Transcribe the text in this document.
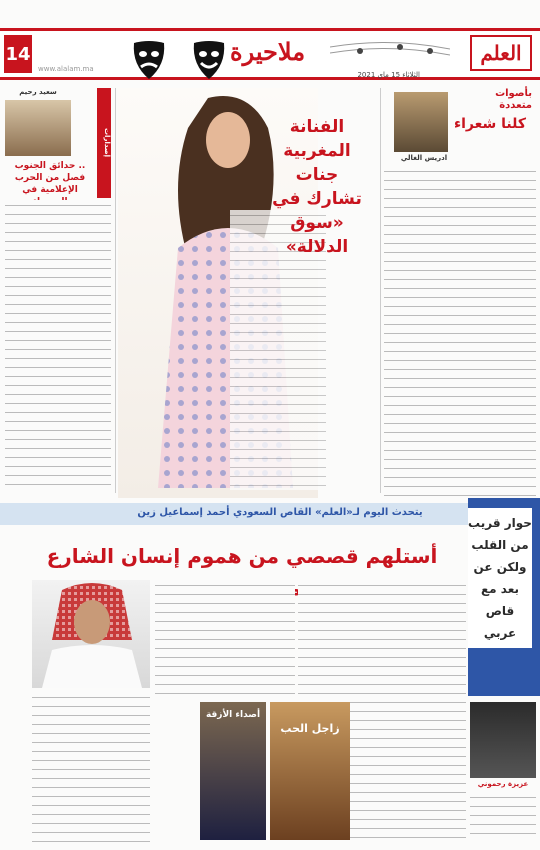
14
www.alalam.ma
ملاحيرة
الثلاثاء 15 ماي 2021
العلم
سعيد رحيم
إصدارات
حدائق الجنوب ..
فصل من الحرب
الإعلامية في
الفنانة
المغربية جنات
تشارك في «سوق
الدلالة»
بأصوات متعددة
كلنا شعراء
ادريس الغالي
يتحدث اليوم لـ«العلم» القاص السعودي أحمد إسماعيل زين
أستلهم قصصي من هموم إنسان الشارع
حوار قريب من القلب ولكن عن بعد مع قاص عربي
أصداء الأزقة
زاجل الحب
عزيزة رحموني
